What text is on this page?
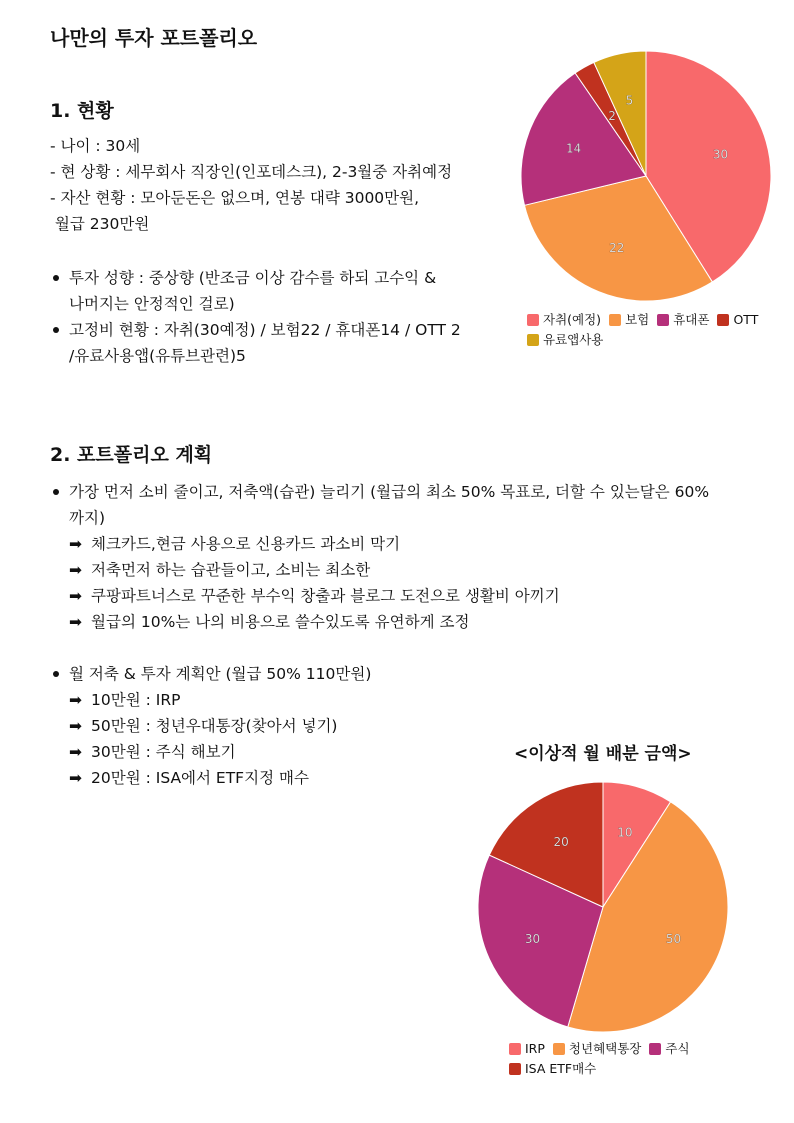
나만의 투자 포트폴리오
1. 현황
- 나이 : 30세
- 현 상황 : 세무회사 직장인(인포데스크), 2-3월중 자취예정
- 자산 현황 : 모아둔돈은 없으며, 연봉 대략 3000만원,
월급 230만원
투자 성향 : 중상향 (반조금 이상 감수를 하되 고수익 &
나머지는 안정적인 걸로)
고정비 현황 : 자취(30예정) / 보험22 / 휴대폰14 / OTT 2
/유료사용앱(유튜브관련)5
30
22
14
2
5
자취(예정) 보험 휴대폰 OTT유료앱사용
2. 포트폴리오 계획
가장 먼저 소비 줄이고, 저축액(습관) 늘리기 (월급의 최소 50% 목표로, 더할 수 있는달은 60%
까지)
➡ 체크카드,현금 사용으로 신용카드 과소비 막기
➡ 저축먼저 하는 습관들이고, 소비는 최소한
➡ 쿠팡파트너스로 꾸준한 부수익 창출과 블로그 도전으로 생활비 아끼기
➡ 월급의 10%는 나의 비용으로 쓸수있도록 유연하게 조정
월 저축 & 투자 계획안 (월급 50% 110만원)
➡ 10만원 : IRP
➡ 50만원 : 청년우대통장(찾아서 넣기)
➡ 30만원 : 주식 해보기
➡ 20만원 : ISA에서 ETF지정 매수
<이상적 월 배분 금액>
10
50
30
20
IRP 청년혜택통장 주식ISA ETF매수
